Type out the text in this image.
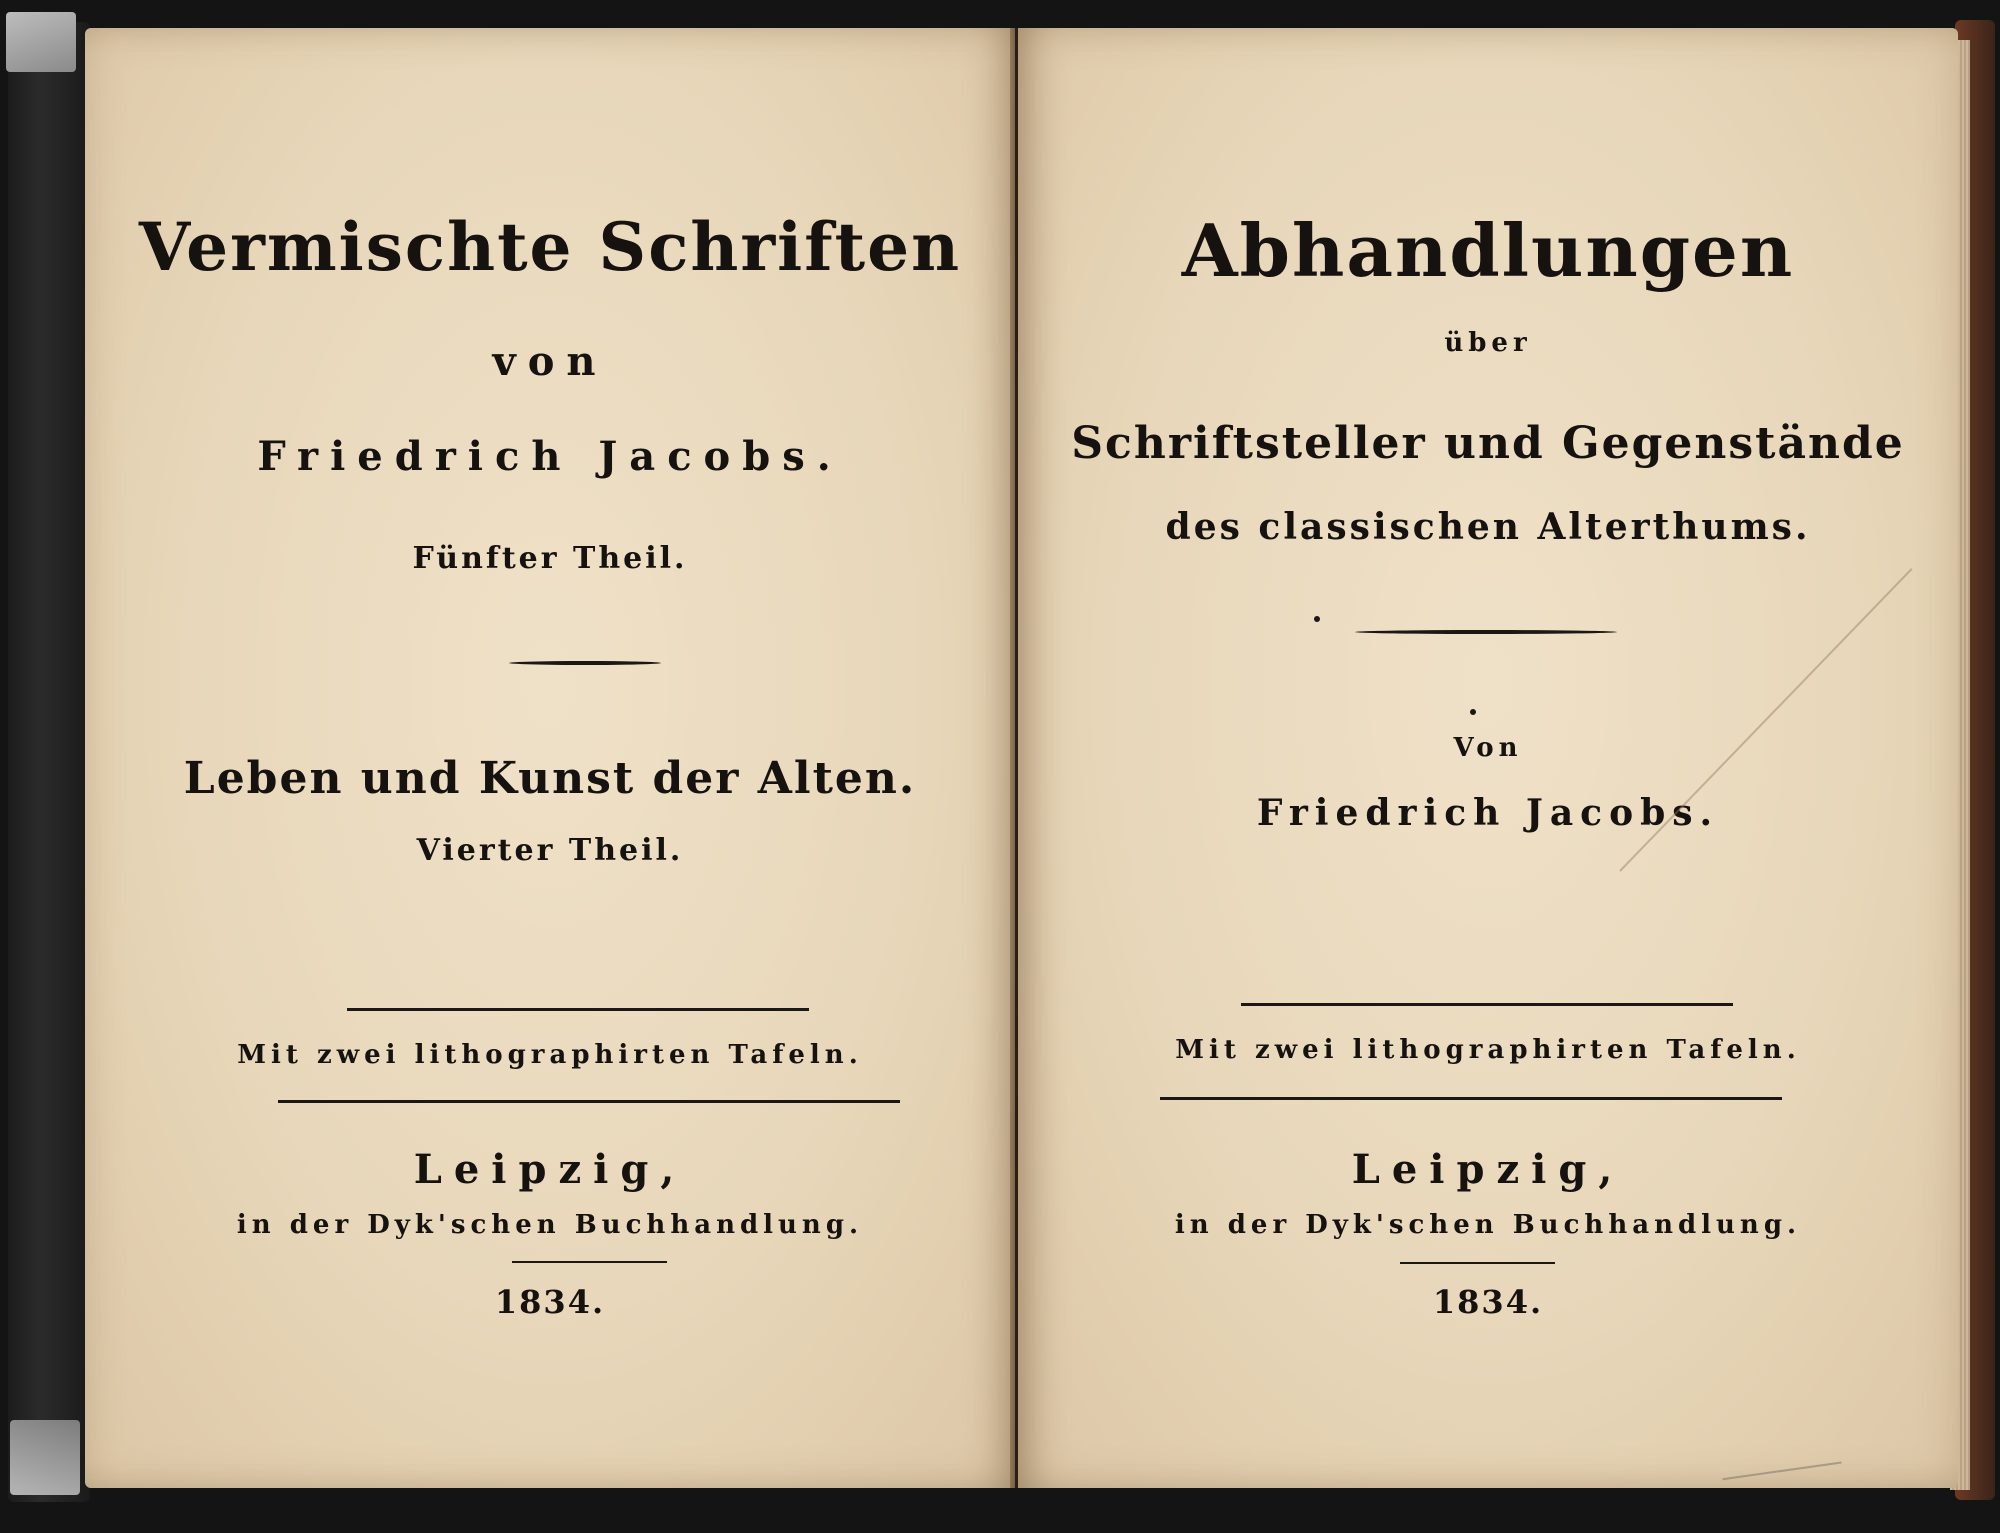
Vermischte Schriften
von
Friedrich Jacobs.
Fünfter Theil.
Leben und Kunst der Alten.
Vierter Theil.
Mit zwei lithographirten Tafeln.
Leipzig,
in der Dyk'schen Buchhandlung.
1834.
Abhandlungen
über
Schriftsteller und Gegenstände
des classischen Alterthums.
Von
Friedrich Jacobs.
Mit zwei lithographirten Tafeln.
Leipzig,
in der Dyk'schen Buchhandlung.
1834.
